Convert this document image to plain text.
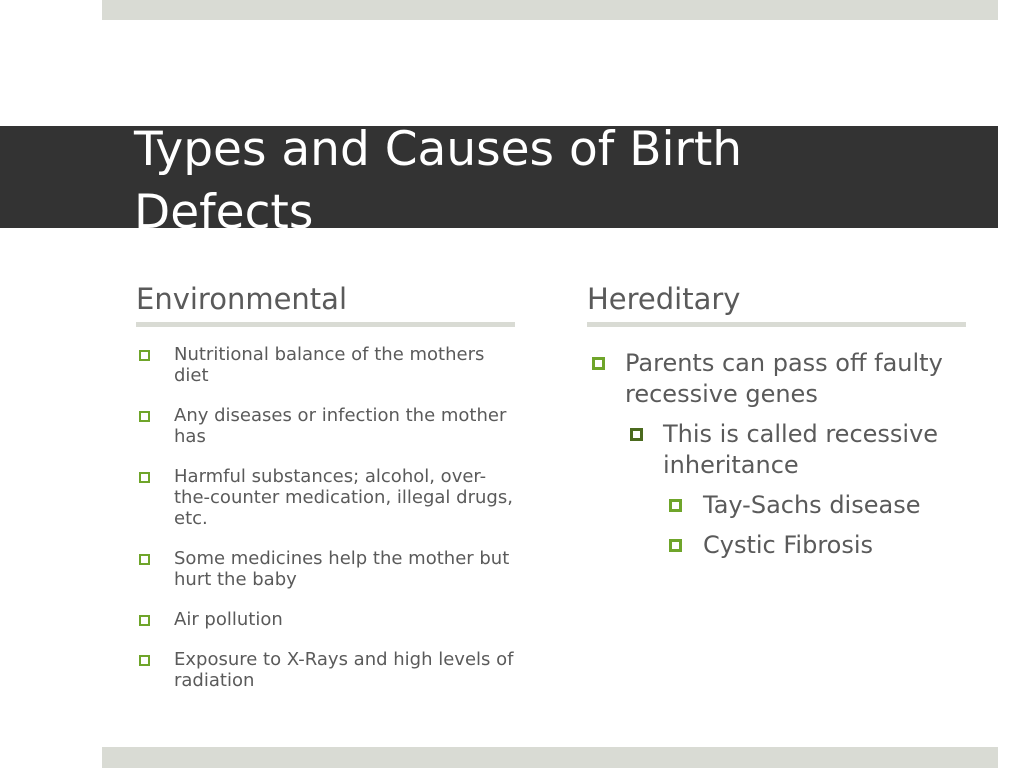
Types and Causes of Birth Defects
Environmental
Nutritional balance of the mothers diet
Any diseases or infection the mother has
Harmful substances; alcohol, over-the-counter medication, illegal drugs, etc.
Some medicines help the mother but hurt the baby
Air pollution
Exposure to X-Rays and high levels of radiation
Hereditary
Parents can pass off faulty recessive genes
This is called recessive inheritance
Tay-Sachs disease
Cystic Fibrosis
